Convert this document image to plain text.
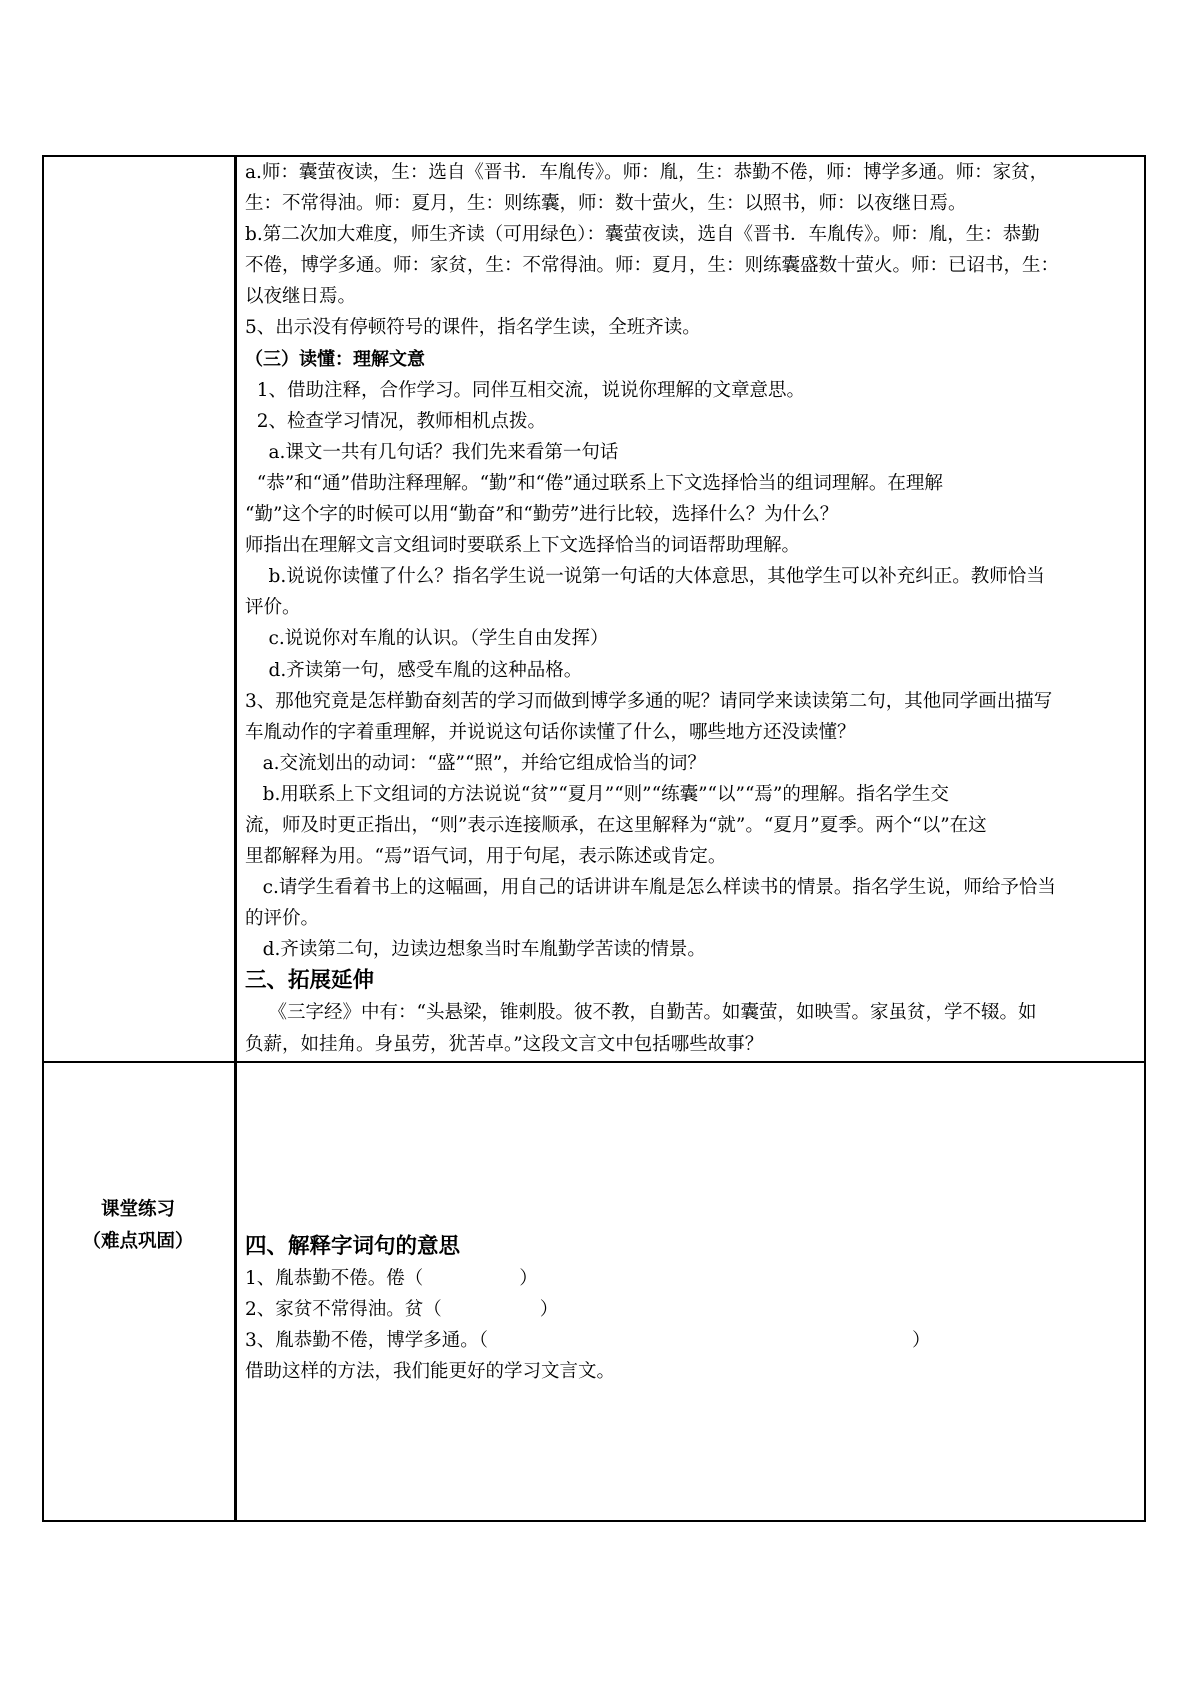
a.师：囊萤夜读，生：选自《晋书．车胤传》。师：胤，生：恭勤不倦，师：博学多通。师：家贫，
生：不常得油。师：夏月，生：则练囊，师：数十萤火，生：以照书，师：以夜继日焉。
b.第二次加大难度，师生齐读（可用绿色）：囊萤夜读，选自《晋书．车胤传》。师：胤，生：恭勤
不倦，博学多通。师：家贫，生：不常得油。师：夏月，生：则练囊盛数十萤火。师：已诏书，生：
以夜继日焉。
5、出示没有停顿符号的课件，指名学生读，全班齐读。
（三）读懂：理解文意
1、借助注释，合作学习。同伴互相交流，说说你理解的文章意思。
2、检查学习情况，教师相机点拨。
a.课文一共有几句话？我们先来看第一句话
“恭”和“通”借助注释理解。“勤”和“倦”通过联系上下文选择恰当的组词理解。在理解
“勤”这个字的时候可以用“勤奋”和“勤劳”进行比较，选择什么？为什么？
师指出在理解文言文组词时要联系上下文选择恰当的词语帮助理解。
b.说说你读懂了什么？指名学生说一说第一句话的大体意思，其他学生可以补充纠正。教师恰当
评价。
c.说说你对车胤的认识。（学生自由发挥）
d.齐读第一句，感受车胤的这种品格。
3、那他究竟是怎样勤奋刻苦的学习而做到博学多通的呢？请同学来读读第二句，其他同学画出描写
车胤动作的字着重理解，并说说这句话你读懂了什么，哪些地方还没读懂？
a.交流划出的动词：“盛”“照”，并给它组成恰当的词？
b.用联系上下文组词的方法说说“贫”“夏月”“则”“练囊”“以”“焉”的理解。指名学生交
流，师及时更正指出，“则”表示连接顺承，在这里解释为“就”。“夏月”夏季。两个“以”在这
里都解释为用。“焉”语气词，用于句尾，表示陈述或肯定。
c.请学生看着书上的这幅画，用自己的话讲讲车胤是怎么样读书的情景。指名学生说，师给予恰当
的评价。
d.齐读第二句，边读边想象当时车胤勤学苦读的情景。
三、拓展延伸
《三字经》中有：“头悬梁，锥刺股。彼不教，自勤苦。如囊萤，如映雪。家虽贫，学不辍。如
负薪，如挂角。身虽劳，犹苦卓。”这段文言文中包括哪些故事？
课堂练习
（难点巩固）	四、解释字词句的意思
1、胤恭勤不倦。倦（	）
2、家贫不常得油。贫（	）
3、胤恭勤不倦，博学多通。（	）
借助这样的方法，我们能更好的学习文言文。
